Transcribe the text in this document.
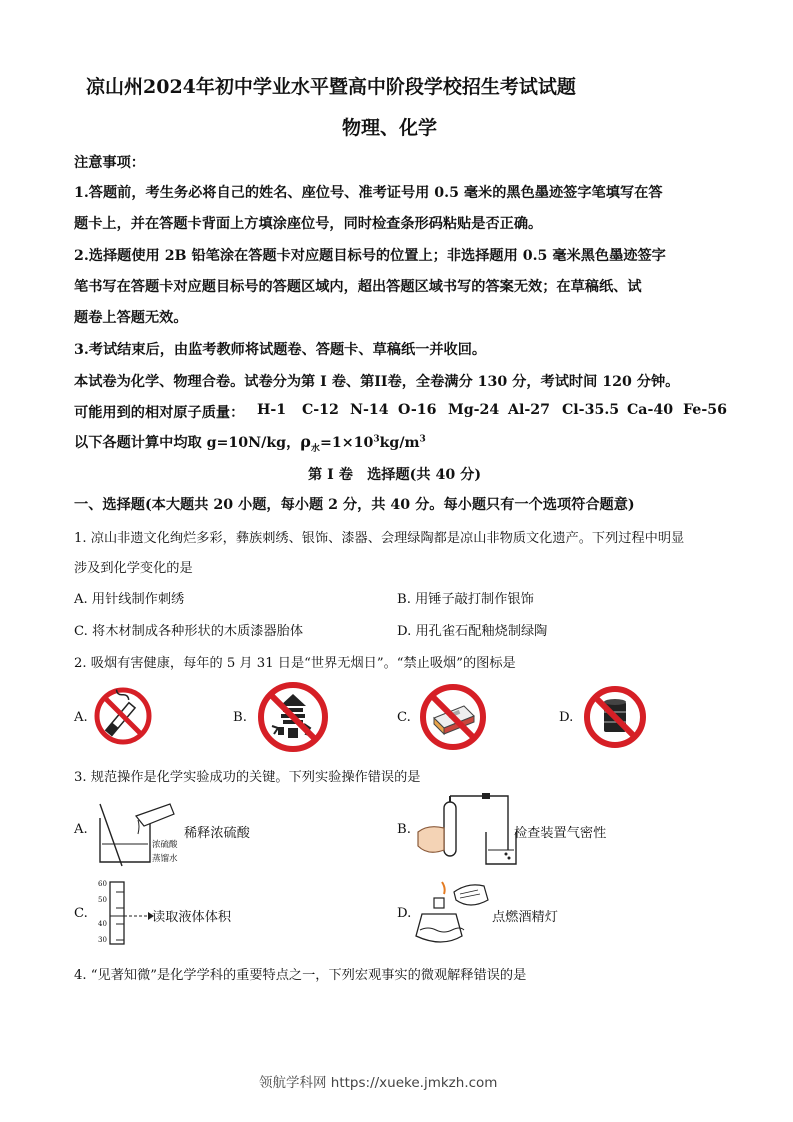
凉山州2024年初中学业水平暨高中阶段学校招生考试试题
物理、化学
注意事项：
1.答题前，考生务必将自己的姓名、座位号、准考证号用 0.5 毫米的黑色墨迹签字笔填写在答
题卡上，并在答题卡背面上方填涂座位号，同时检查条形码粘贴是否正确。
2.选择题使用 2B 铅笔涂在答题卡对应题目标号的位置上；非选择题用 0.5 毫米黑色墨迹签字
笔书写在答题卡对应题目标号的答题区域内，超出答题区域书写的答案无效；在草稿纸、试
题卷上答题无效。
3.考试结束后，由监考教师将试题卷、答题卡、草稿纸一并收回。
本试卷为化学、物理合卷。试卷分为第 I 卷、第II卷，全卷满分 130 分，考试时间 120 分钟。
可能用到的相对原子质量： H-1 C-12 N-14 O-16 Mg-24 Al-27 Cl-35.5 Ca-40 Fe-56
以下各题计算中均取 g=10N/kg，$\rho_水=1\times 10^3kg/m^3$
第 I 卷　选择题(共 40 分)
一、选择题(本大题共 20 小题，每小题 2 分，共 40 分。每小题只有一个选项符合题意)
1. 凉山非遗文化绚烂多彩，彝族刺绣、银饰、漆器、会理绿陶都是凉山非物质文化遗产。下列过程中明显
涉及到化学变化的是
A. 用针线制作刺绣	B. 用锤子敲打制作银饰
C. 将木材制成各种形状的木质漆器胎体	D. 用孔雀石配釉烧制绿陶
2. 吸烟有害健康，每年的 5 月 31 日是“世界无烟日”。“禁止吸烟”的图标是
A.	B.	C.	D.
3. 规范操作是化学实验成功的关键。下列实验操作错误的是
A.
浓硫酸
蒸馏水
稀释浓硫酸	B.	检查装置气密性
C.
60
50
40
30
读取液体体积	D.	点燃酒精灯
4. “见著知微”是化学学科的重要特点之一，下列宏观事实的微观解释错误的是
领航学科网 https://xueke.jmkzh.com
